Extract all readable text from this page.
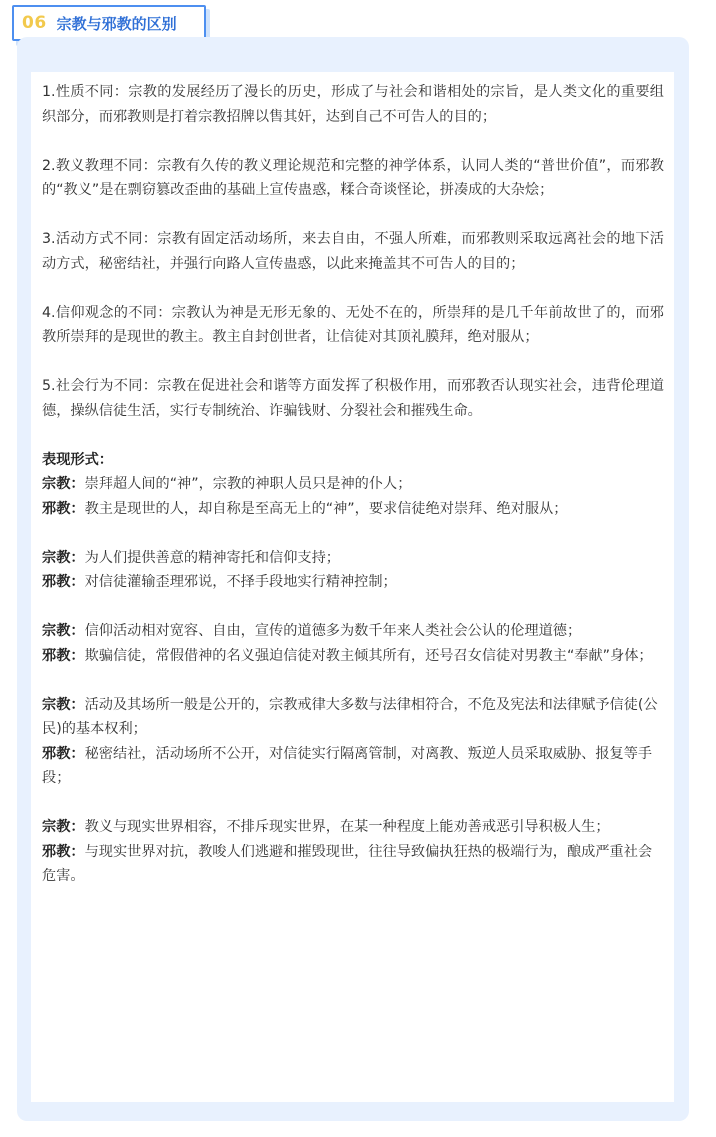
06 宗教与邪教的区别

1.性质不同：宗教的发展经历了漫长的历史，形成了与社会和谐相处的宗旨，是人类文化的重要组织部分，而邪教则是打着宗教招牌以售其奸，达到自己不可告人的目的；

2.教义教理不同：宗教有久传的教义理论规范和完整的神学体系，认同人类的“普世价值”，而邪教的“教义”是在剽窃篡改歪曲的基础上宣传蛊惑，糅合奇谈怪论，拼凑成的大杂烩；

3.活动方式不同：宗教有固定活动场所，来去自由，不强人所难，而邪教则采取远离社会的地下活动方式，秘密结社，并强行向路人宣传蛊惑，以此来掩盖其不可告人的目的；

4.信仰观念的不同：宗教认为神是无形无象的、无处不在的，所崇拜的是几千年前故世了的，而邪教所崇拜的是现世的教主。教主自封创世者，让信徒对其顶礼膜拜，绝对服从；

5.社会行为不同：宗教在促进社会和谐等方面发挥了积极作用，而邪教否认现实社会，违背伦理道德，操纵信徒生活，实行专制统治、诈骗钱财、分裂社会和摧残生命。

表现形式：

宗教：崇拜超人间的“神”，宗教的神职人员只是神的仆人；

邪教：教主是现世的人，却自称是至高无上的“神”，要求信徒绝对崇拜、绝对服从；

宗教：为人们提供善意的精神寄托和信仰支持；

邪教：对信徒灌输歪理邪说，不择手段地实行精神控制；

宗教：信仰活动相对宽容、自由，宣传的道德多为数千年来人类社会公认的伦理道德；

邪教：欺骗信徒，常假借神的名义强迫信徒对教主倾其所有，还号召女信徒对男教主“奉献”身体；

宗教：活动及其场所一般是公开的，宗教戒律大多数与法律相符合，不危及宪法和法律赋予信徒(公民)的基本权利；

邪教：秘密结社，活动场所不公开，对信徒实行隔离管制，对离教、叛逆人员采取威胁、报复等手段；

宗教：教义与现实世界相容，不排斥现实世界，在某一种程度上能劝善戒恶引导积极人生；

邪教：与现实世界对抗，教唆人们逃避和摧毁现世，往往导致偏执狂热的极端行为，酿成严重社会危害。
